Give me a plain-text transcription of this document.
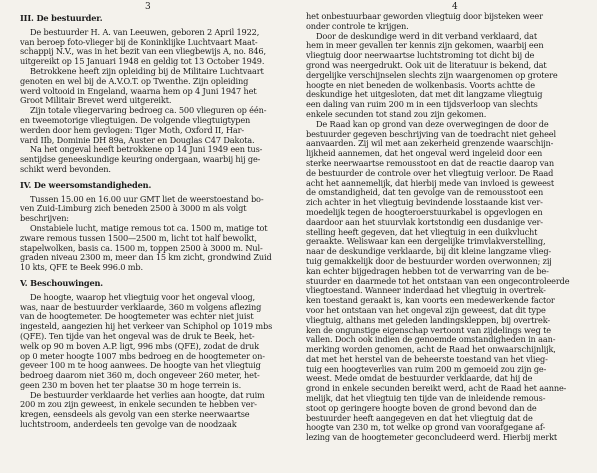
3	4
III. De bestuurder.
De bestuurder H. A. van Leeuwen, geboren 2 April 1922,
van beroep foto-vlieger bij de Koninklijke Luchtvaart Maat-
schappij N.V., was in het bezit van een vliegbewijs A, no. 846,
uitgereikt op 15 Januari 1948 en geldig tot 13 October 1949.
Betrokkene heeft zijn opleiding bij de Militaire Luchtvaart
genoten en wel bij de A.V.O.T. op Twenthe. Zijn opleiding
werd voltooid in Engeland, waarna hem op 4 Juni 1947 het
Groot Militair Brevet werd uitgereikt.
Zijn totale vliegervaring bedroeg ca. 500 vlieguren op één-
en tweemotorige vliegtuigen. De volgende vliegtuigtypen
werden door hem gevlogen: Tiger Moth, Oxford II, Har-
vard IIb, Dominie DH 89a, Auster en Douglas C47 Dakota.
Na het ongeval heeft betrokkene op 14 Juni 1949 een tus-
sentijdse geneeskundige keuring ondergaan, waarbij hij ge-
schikt werd bevonden.
IV. De weersomstandigheden.
Tussen 15.00 en 16.00 uur GMT liet de weerstoestand bo-
ven Zuid-Limburg zich beneden 2500 à 3000 m als volgt
beschrijven:
Onstabiele lucht, matige remous tot ca. 1500 m, matige tot
zware remous tussen 1500—2500 m, licht tot half bewolkt,
stapelwolken, basis ca. 1500 m, toppen 2500 à 3000 m. Nul-
graden niveau 2300 m, meer dan 15 km zicht, grondwind Zuid
10 kts, QFE te Beek 996.0 mb.
V. Beschouwingen.
De hoogte, waarop het vliegtuig voor het ongeval vloog,
was, naar de bestuurder verklaarde, 360 m volgens aflezing
van de hoogtemeter. De hoogtemeter was echter niet juist
ingesteld, aangezien hij het verkeer van Schiphol op 1019 mbs
(QFE). Ten tijde van het ongeval was de druk te Beek, het-
welk op 90 m boven A.P. ligt, 996 mbs (QFE), zodat de druk
op 0 meter hoogte 1007 mbs bedroeg en de hoogtemeter on-
geveer 100 m te hoog aanwees. De hoogte van het vliegtuig
bedroeg daarom niet 360 m, doch ongeveer 260 meter, het-
geen 230 m boven het ter plaatse 30 m hoge terrein is.
De bestuurder verklaarde het verlies aan hoogte, dat ruim
200 m zou zijn geweest, in enkele secunden te hebben ver-
kregen, eensdeels als gevolg van een sterke neerwaartse
luchtstroom, anderdeels ten gevolge van de noodzaak
het onbestuurbaar geworden vliegtuig door bijsteken weer
onder controle te krijgen.
Door de deskundige werd in dit verband verklaard, dat
hem in meer gevallen ter kennis zijn gekomen, waarbij een
vliegtuig door neerwaartse luchtstroming tot dicht bij de
grond was neergedrukt. Ook uit de literatuur is bekend, dat
dergelijke verschijnselen slechts zijn waargenomen op grotere
hoogte en niet beneden de wolkenbasis. Voorts achtte de
deskundige het uitgesloten, dat met dit langzame vliegtuig
een daling van ruim 200 m in een tijdsverloop van slechts
enkele secunden tot stand zou zijn gekomen.
De Raad kan op grond van deze overwegingen de door de
bestuurder gegeven beschrijving van de toedracht niet geheel
aanvaarden. Zij wil met aan zekerheid grenzende waarschijn-
lijkheid aannemen, dat het ongeval werd ingeleid door een
sterke neerwaartse remousstoot en dat de reactie daarop van
de bestuurder de controle over het vliegtuig verloor. De Raad
acht het aannemelijk, dat hierbij mede van invloed is geweest
de omstandigheid, dat ten gevolge van de remousstoot een
zich achter in het vliegtuig bevindende losstaande kist ver-
moedelijk tegen de hoogteroerstuurkabel is opgevlogen en
daardoor aan het stuurvlak kortstondig een dusdanige ver-
stelling heeft gegeven, dat het vliegtuig in een duikvlucht
geraakte. Weliswaar kan een dergelijke trimvlakverstelling,
naar de deskundige verklaarde, bij dit kleine langzame vlieg-
tuig gemakkelijk door de bestuurder worden overwonnen; zij
kan echter bijgedragen hebben tot de verwarring van de be-
stuurder en daarmede tot het ontstaan van een ongecontroleerde
vliegtoestand. Wanneer inderdaad het vliegtuig in overtrek-
ken toestand geraakt is, kan voorts een medewerkende factor
voor het ontstaan van het ongeval zijn geweest, dat dit type
vliegtuig, althans met geleden landingskleppen, bij overtrek-
ken de ongunstige eigenschap vertoont van zijdelings weg te
vallen. Doch ook indien de genoemde omstandigheden in aan-
merking worden genomen, acht de Raad het onwaarschijnlijk,
dat met het herstel van de beheerste toestand van het vlieg-
tuig een hoogteverlies van ruim 200 m gemoeid zou zijn ge-
weest. Mede omdat de bestuurder verklaarde, dat hij de
grond in enkele secunden bereikt werd, acht de Raad het aanne-
melijk, dat het vliegtuig ten tijde van de inleidende remous-
stoot op geringere hoogte boven de grond bevond dan de
bestuurder heeft aangegeven en dat het vliegtuig dat de
hoogte van 230 m, tot welke op grond van voorafgegane af-
lezing van de hoogtemeter geconcludeerd werd. Hierbij merkt
